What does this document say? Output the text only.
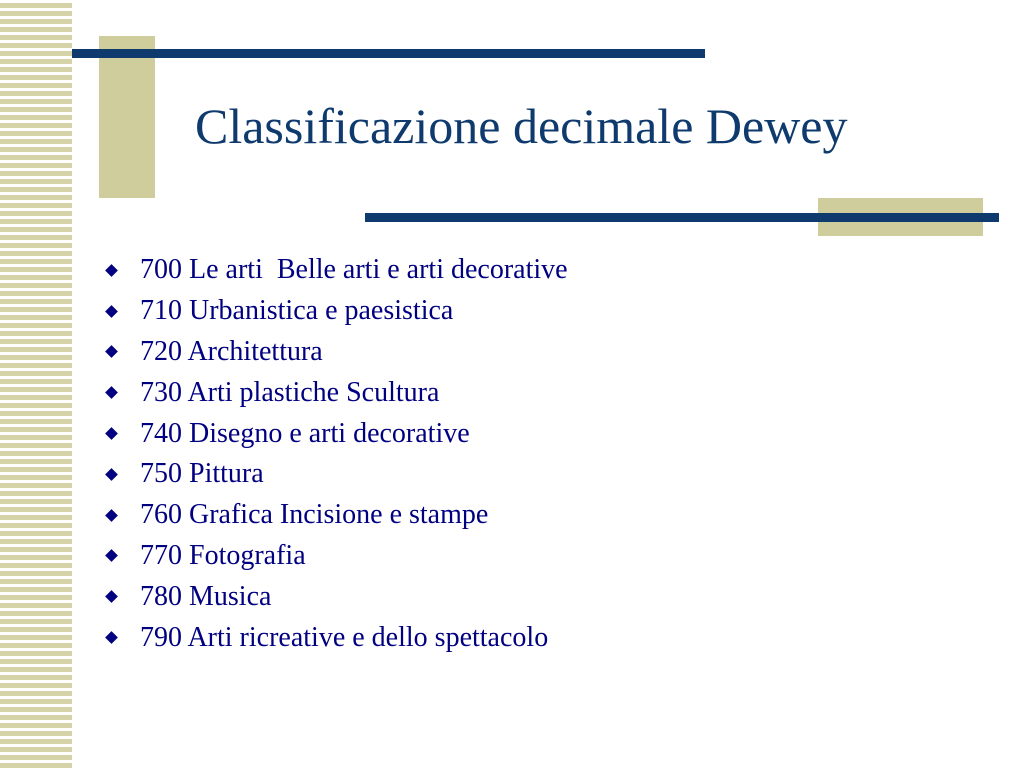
Classificazione decimale Dewey
700 Le arti  Belle arti e arti decorative
710 Urbanistica e paesistica
720 Architettura
730 Arti plastiche Scultura
740 Disegno e arti decorative
750 Pittura
760 Grafica Incisione e stampe
770 Fotografia
780 Musica
790 Arti ricreative e dello spettacolo
